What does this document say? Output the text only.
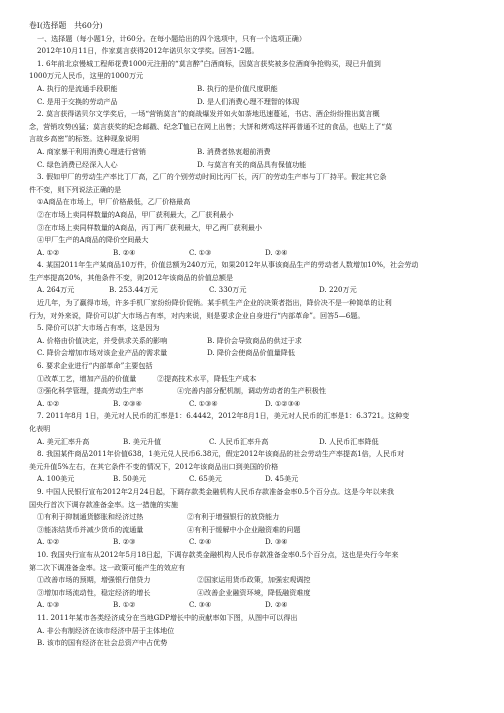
卷Ⅰ(选择题　共60分)
一、选择题（每小题1分，计60分。在每小题给出的四个选项中，只有一个选项正确）
2012年10月11日，作家莫言获得2012年诺贝尔文学奖。回答1-2题。
1. 6年前北京慢城工程师花费1000元注册的“莫言醉”白酒商标，因莫言获奖被多位酒商争抢购买，现已升值到
1000万元人民币，这里的1000万元
A. 执行的是流通手段职能	B. 执行的是价值尺度职能
C. 是用于交换的劳动产品	D. 是人们消费心理不理智的体现
2. 莫言获得诺贝尔文学奖后，一场“营销莫言”的商战爆发并如火如荼地迅速蔓延，书店、酒企纷纷推出莫言概
念，营销攻势凶猛；莫言获奖的纪念邮戳、纪念T恤已在网上出售；大饼和烤鸡这样再普通不过的食品，也贴上了“莫
言故乡高密”的标签。这种现象说明
A. 商家暴干利用消费心理进行营销	B. 消费者热衷超前消费
C. 绿色消费已经深入人心	D. 与莫言有关的商品具有保值功能
3. 假如甲厂的劳动生产率比丁厂高，乙厂的个别劳动时间比丙厂长，丙厂的劳动生产率与丁厂持平。假定其它条
件不变，则下列说法正确的是
①A商品在市场上，甲厂价格最低，乙厂价格最高
②在市场上卖同样数量的A商品，甲厂获利最大，乙厂获利最小
③在市场上卖同样数量的A商品，丙丁两厂获利最大，甲乙两厂获利最小
④甲厂生产的A商品的降价空间最大
A. ①②	B. ②④	C. ①③	D. ②④
4. 某国2011年生产某商品10万件，价值总额为240万元，如果2012年从事该商品生产的劳动者人数增加10%，社会劳动
生产率提高20%，其他条件不变，则2012年该商品的价值总额是
A. 264万元	B. 253.44万元	C. 330万元	D. 220万元
近几年，为了赢得市场，许多手机厂家纷纷降价促销。某手机生产企业的决策者指出，降价决不是一种简单的让利
行为，对外来说，降价可以扩大市场占有率，对内来说，则是要求企业自身进行“内部革命”。回答5—6题。
5. 降价可以扩大市场占有率，这是因为
A. 价格由价值决定，并受供求关系的影响	B. 降价会导致商品的供过于求
C. 降价会增加市场对该企业产品的需求量	D. 降价会使商品价值量降低
6. 要求企业进行“内部革命”主要包括
①改革工艺，增加产品的价值量	②提高技术水平，降低生产成本
③强化科学管理，提高劳动生产率	④完善内部分配机制，调动劳动者的生产积极性
A. ①②	B. ②③④	C. ①③④	D. ①②③④
7. 2011年8月 1日，美元对人民币的汇率是1：6.4442，2012年8月1日，美元对人民币的汇率是1：6.3721。这种变
化表明
A. 美元汇率升高	B. 美元升值	C. 人民币汇率升高	D. 人民币汇率降低
8. 我国某件商品2011年价值638，1美元兑人民币6.38元，假定2012年该商品的社会劳动生产率提高1倍，人民币对
美元升值5%左右，在其它条件不变的情况下，2012年该商品出口到美国的价格
A. 100美元	B. 50美元	C. 65美元	D. 45美元
9. 中国人民银行宣布2012年2月24日起，下调存款类金融机构人民币存款准备金率0.5个百分点。这是今年以来我
国央行首次下调存款准备金率。这一措施的实施
①有利于抑制通货膨胀和经济过热	②有利于增强银行的放贷能力
③能冻结货币并减少货币的流通量	④有利于缓解中小企业融资难的问题
A. ①②	B. ②③	C. ②④	D. ③④
10. 我国央行宣布从2012年5月18日起，下调存款类金融机构人民币存款准备金率0.5个百分点，这也是央行今年来
第二次下调准备金率。这一政策可能产生的效应有
①改善市场的预期，增强银行借贷力	②国家运用货币政策，加强宏观调控
③增加市场流动性，稳定经济的增长	④改善企业融资环境，降低融资难度
A. ①③	B. ①②	C. ③④	D. ②④
11. 2011年某市各类经济成分在当地GDP增长中的贡献率如下图，从图中可以得出
A. 非公有制经济在该市经济中居于主体地位
B. 该市的国有经济在社会总资产中占优势
